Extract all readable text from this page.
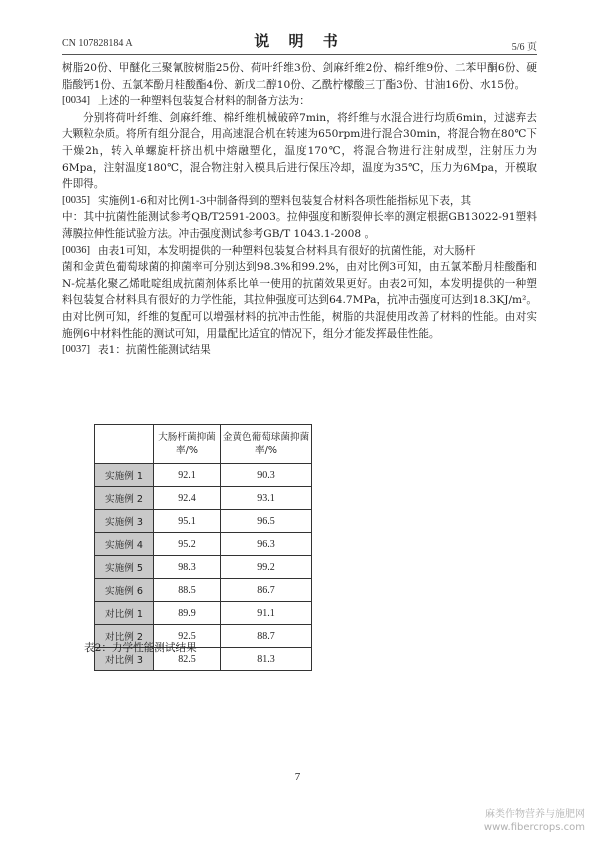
CN 107828184 A	说 明 书	5/6 页

树脂20份、甲醚化三聚氰胺树脂25份、荷叶纤维3份、剑麻纤维2份、棉纤维9份、二苯甲酮6份、硬脂酸钙1份、五氯苯酚月桂酸酯4份、新戊二醇10份、乙酰柠檬酸三丁酯3份、甘油16份、水15份。

[0034] 上述的一种塑料包装复合材料的制备方法为：

分别将荷叶纤维、剑麻纤维、棉纤维机械破碎7min，将纤维与水混合进行均质6min，过滤弃去大颗粒杂质。将所有组分混合，用高速混合机在转速为650rpm进行混合30min，将混合物在80℃下干燥2h，转入单螺旋杆挤出机中熔融塑化，温度170℃，将混合物进行注射成型，注射压力为6Mpa，注射温度180℃，混合物注射入模具后进行保压冷却，温度为35℃，压力为6Mpa，开模取件即得。

[0035] 实施例1-6和对比例1-3中制备得到的塑料包装复合材料各项性能指标见下表，其

中：其中抗菌性能测试参考QB/T2591-2003。拉伸强度和断裂伸长率的测定根据GB13022-91塑料薄膜拉伸性能试验方法。冲击强度测试参考GB/T 1043.1-2008 。

[0036] 由表1可知，本发明提供的一种塑料包装复合材料具有很好的抗菌性能，对大肠杆

菌和金黄色葡萄球菌的抑菌率可分别达到98.3%和99.2%，由对比例3可知，由五氯苯酚月桂酸酯和N-烷基化聚乙烯吡啶组成抗菌剂体系比单一使用的抗菌效果更好。由表2可知，本发明提供的一种塑料包装复合材料具有很好的力学性能，其拉伸强度可达到64.7MPa，抗冲击强度可达到18.3KJ/m²。由对比例可知，纤维的复配可以增强材料的抗冲击性能，树脂的共混使用改善了材料的性能。由对实施例6中材料性能的测试可知，用量配比适宜的情况下，组分才能发挥最佳性能。

[0037] 表1：抗菌性能测试结果
	大肠杆菌抑菌率/%	金黄色葡萄球菌抑菌率/%
实施例 1	92.1	90.3
实施例 2	92.4	93.1
实施例 3	95.1	96.5
实施例 4	95.2	96.3
实施例 5	98.3	99.2
实施例 6	88.5	86.7
对比例 1	89.9	91.1
对比例 2	92.5	88.7
对比例 3	82.5	81.3
表2：力学性能测试结果
7
麻类作物营养与施肥网
www.fibercrops.com
